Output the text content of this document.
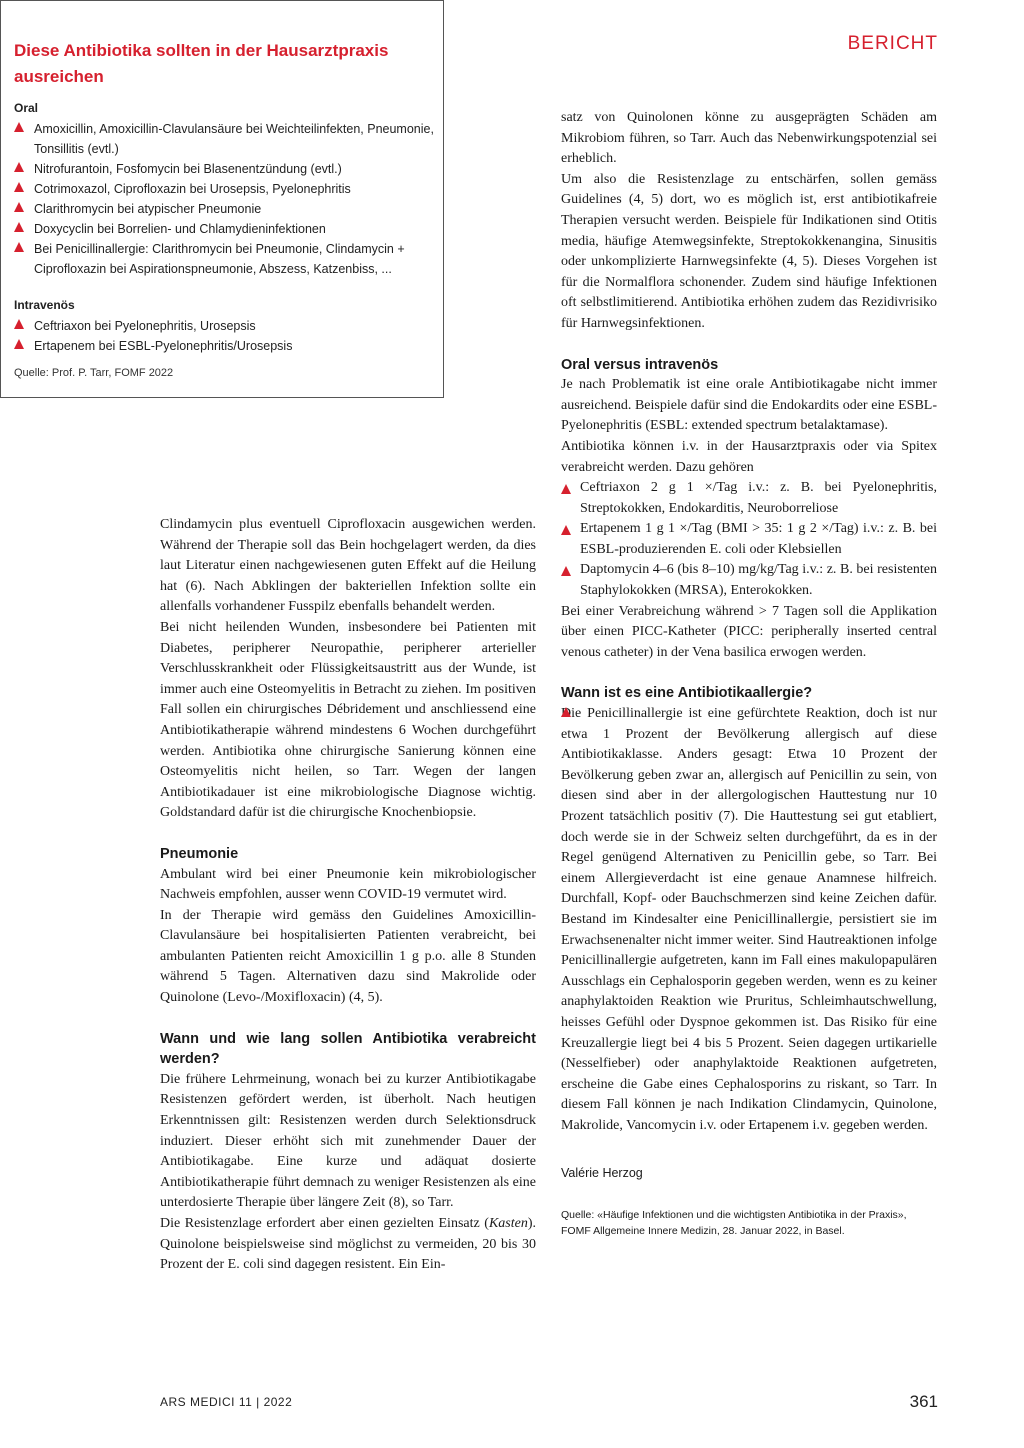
BERICHT
Diese Antibiotika sollten in der Hausarztpraxis ausreichen
Oral
Amoxicillin, Amoxicillin-Clavulansäure bei Weichteilinfekten, Pneumonie, Tonsillitis (evtl.)
Nitrofurantoin, Fosfomycin bei Blasenentzündung (evtl.)
Cotrimoxazol, Ciprofloxazin bei Urosepsis, Pyelonephritis
Clarithromycin bei atypischer Pneumonie
Doxycyclin bei Borrelien- und Chlamydieninfektionen
Bei Penicillinallergie: Clarithromycin bei Pneumonie, Clindamycin + Ciprofloxazin bei Aspirationspneumonie, Abszess, Katzenbiss, ...
Intravenös
Ceftriaxon bei Pyelonephritis, Urosepsis
Ertapenem bei ESBL-Pyelonephritis/Urosepsis
Quelle: Prof. P. Tarr, FOMF 2022

Clindamycin plus eventuell Ciprofloxacin ausgewichen werden. Während der Therapie soll das Bein hochgelagert werden, da dies laut Literatur einen nachgewiesenen guten Effekt auf die Heilung hat (6). Nach Abklingen der bakteriellen Infektion sollte ein allenfalls vorhandener Fusspilz ebenfalls behandelt werden.

Bei nicht heilenden Wunden, insbesondere bei Patienten mit Diabetes, peripherer Neuropathie, peripherer arterieller Verschlusskrankheit oder Flüssigkeitsaustritt aus der Wunde, ist immer auch eine Osteomyelitis in Betracht zu ziehen. Im positiven Fall sollen ein chirurgisches Débridement und anschliessend eine Antibiotikatherapie während mindestens 6 Wochen durchgeführt werden. Antibiotika ohne chirurgische Sanierung können eine Osteomyelitis nicht heilen, so Tarr. Wegen der langen Antibiotikadauer ist eine mikrobiologische Diagnose wichtig. Goldstandard dafür ist die chirurgische Knochenbiopsie.

Pneumonie

Ambulant wird bei einer Pneumonie kein mikrobiologischer Nachweis empfohlen, ausser wenn COVID-19 vermutet wird.

In der Therapie wird gemäss den Guidelines Amoxicillin-Clavulansäure bei hospitalisierten Patienten verabreicht, bei ambulanten Patienten reicht Amoxicillin 1 g p.o. alle 8 Stunden während 5 Tagen. Alternativen dazu sind Makrolide oder Quinolone (Levo-/Moxifloxacin) (4, 5).

Wann und wie lang sollen Antibiotika verabreicht werden?

Die frühere Lehrmeinung, wonach bei zu kurzer Antibiotikagabe Resistenzen gefördert werden, ist überholt. Nach heutigen Erkenntnissen gilt: Resistenzen werden durch Selektionsdruck induziert. Dieser erhöht sich mit zunehmender Dauer der Antibiotikagabe. Eine kurze und adäquat dosierte Antibiotikatherapie führt demnach zu weniger Resistenzen als eine unterdosierte Therapie über längere Zeit (8), so Tarr.

Die Resistenzlage erfordert aber einen gezielten Einsatz (Kasten). Quinolone beispielsweise sind möglichst zu vermeiden, 20 bis 30 Prozent der E. coli sind dagegen resistent. Ein Ein-

satz von Quinolonen könne zu ausgeprägten Schäden am Mikrobiom führen, so Tarr. Auch das Nebenwirkungspotenzial sei erheblich.

Um also die Resistenzlage zu entschärfen, sollen gemäss Guidelines (4, 5) dort, wo es möglich ist, erst antibiotikafreie Therapien versucht werden. Beispiele für Indikationen sind Otitis media, häufige Atemwegsinfekte, Streptokokkenangina, Sinusitis oder unkomplizierte Harnwegsinfekte (4, 5). Dieses Vorgehen ist für die Normalflora schonender. Zudem sind häufige Infektionen oft selbstlimitierend. Antibiotika erhöhen zudem das Rezidivrisiko für Harnwegsinfektionen.

Oral versus intravenös

Je nach Problematik ist eine orale Antibiotikagabe nicht immer ausreichend. Beispiele dafür sind die Endokardits oder eine ESBL-Pyelonephritis (ESBL: extended spectrum betalaktamase).

Antibiotika können i.v. in der Hausarztpraxis oder via Spitex verabreicht werden. Dazu gehören

Ceftriaxon 2 g 1 ×/Tag i.v.: z. B. bei Pyelonephritis, Streptokokken, Endokarditis, Neuroborreliose
Ertapenem 1 g 1 ×/Tag (BMI > 35: 1 g 2 ×/Tag) i.v.: z. B. bei ESBL-produzierenden E. coli oder Klebsiellen
Daptomycin 4–6 (bis 8–10) mg/kg/Tag i.v.: z. B. bei resistenten Staphylokokken (MRSA), Enterokokken.

Bei einer Verabreichung während > 7 Tagen soll die Applikation über einen PICC-Katheter (PICC: peripherally inserted central venous catheter) in der Vena basilica erwogen werden.

Wann ist es eine Antibiotikaallergie?

Die Penicillinallergie ist eine gefürchtete Reaktion, doch ist nur etwa 1 Prozent der Bevölkerung allergisch auf diese Antibiotikaklasse. Anders gesagt: Etwa 10 Prozent der Bevölkerung geben zwar an, allergisch auf Penicillin zu sein, von diesen sind aber in der allergologischen Hauttestung nur 10 Prozent tatsächlich positiv (7). Die Hauttestung sei gut etabliert, doch werde sie in der Schweiz selten durchgeführt, da es in der Regel genügend Alternativen zu Penicillin gebe, so Tarr. Bei einem Allergieverdacht ist eine genaue Anamnese hilfreich. Durchfall, Kopf- oder Bauchschmerzen sind keine Zeichen dafür. Bestand im Kindesalter eine Penicillinallergie, persistiert sie im Erwachsenenalter nicht immer weiter. Sind Hautreaktionen infolge Penicillinallergie aufgetreten, kann im Fall eines makulopapulären Ausschlags ein Cephalosporin gegeben werden, wenn es zu keiner anaphylaktoiden Reaktion wie Pruritus, Schleimhautschwellung, heisses Gefühl oder Dyspnoe gekommen ist. Das Risiko für eine Kreuzallergie liegt bei 4 bis 5 Prozent. Seien dagegen urtikarielle (Nesselfieber) oder anaphylaktoide Reaktionen aufgetreten, erscheine die Gabe eines Cephalosporins zu riskant, so Tarr. In diesem Fall können je nach Indikation Clindamycin, Quinolone, Makrolide, Vancomycin i.v. oder Ertapenem i.v. gegeben werden.

Valérie Herzog
Quelle: «Häufige Infektionen und die wichtigsten Antibiotika in der Praxis», FOMF Allgemeine Innere Medizin, 28. Januar 2022, in Basel.
ARS MEDICI 11 | 2022	361
